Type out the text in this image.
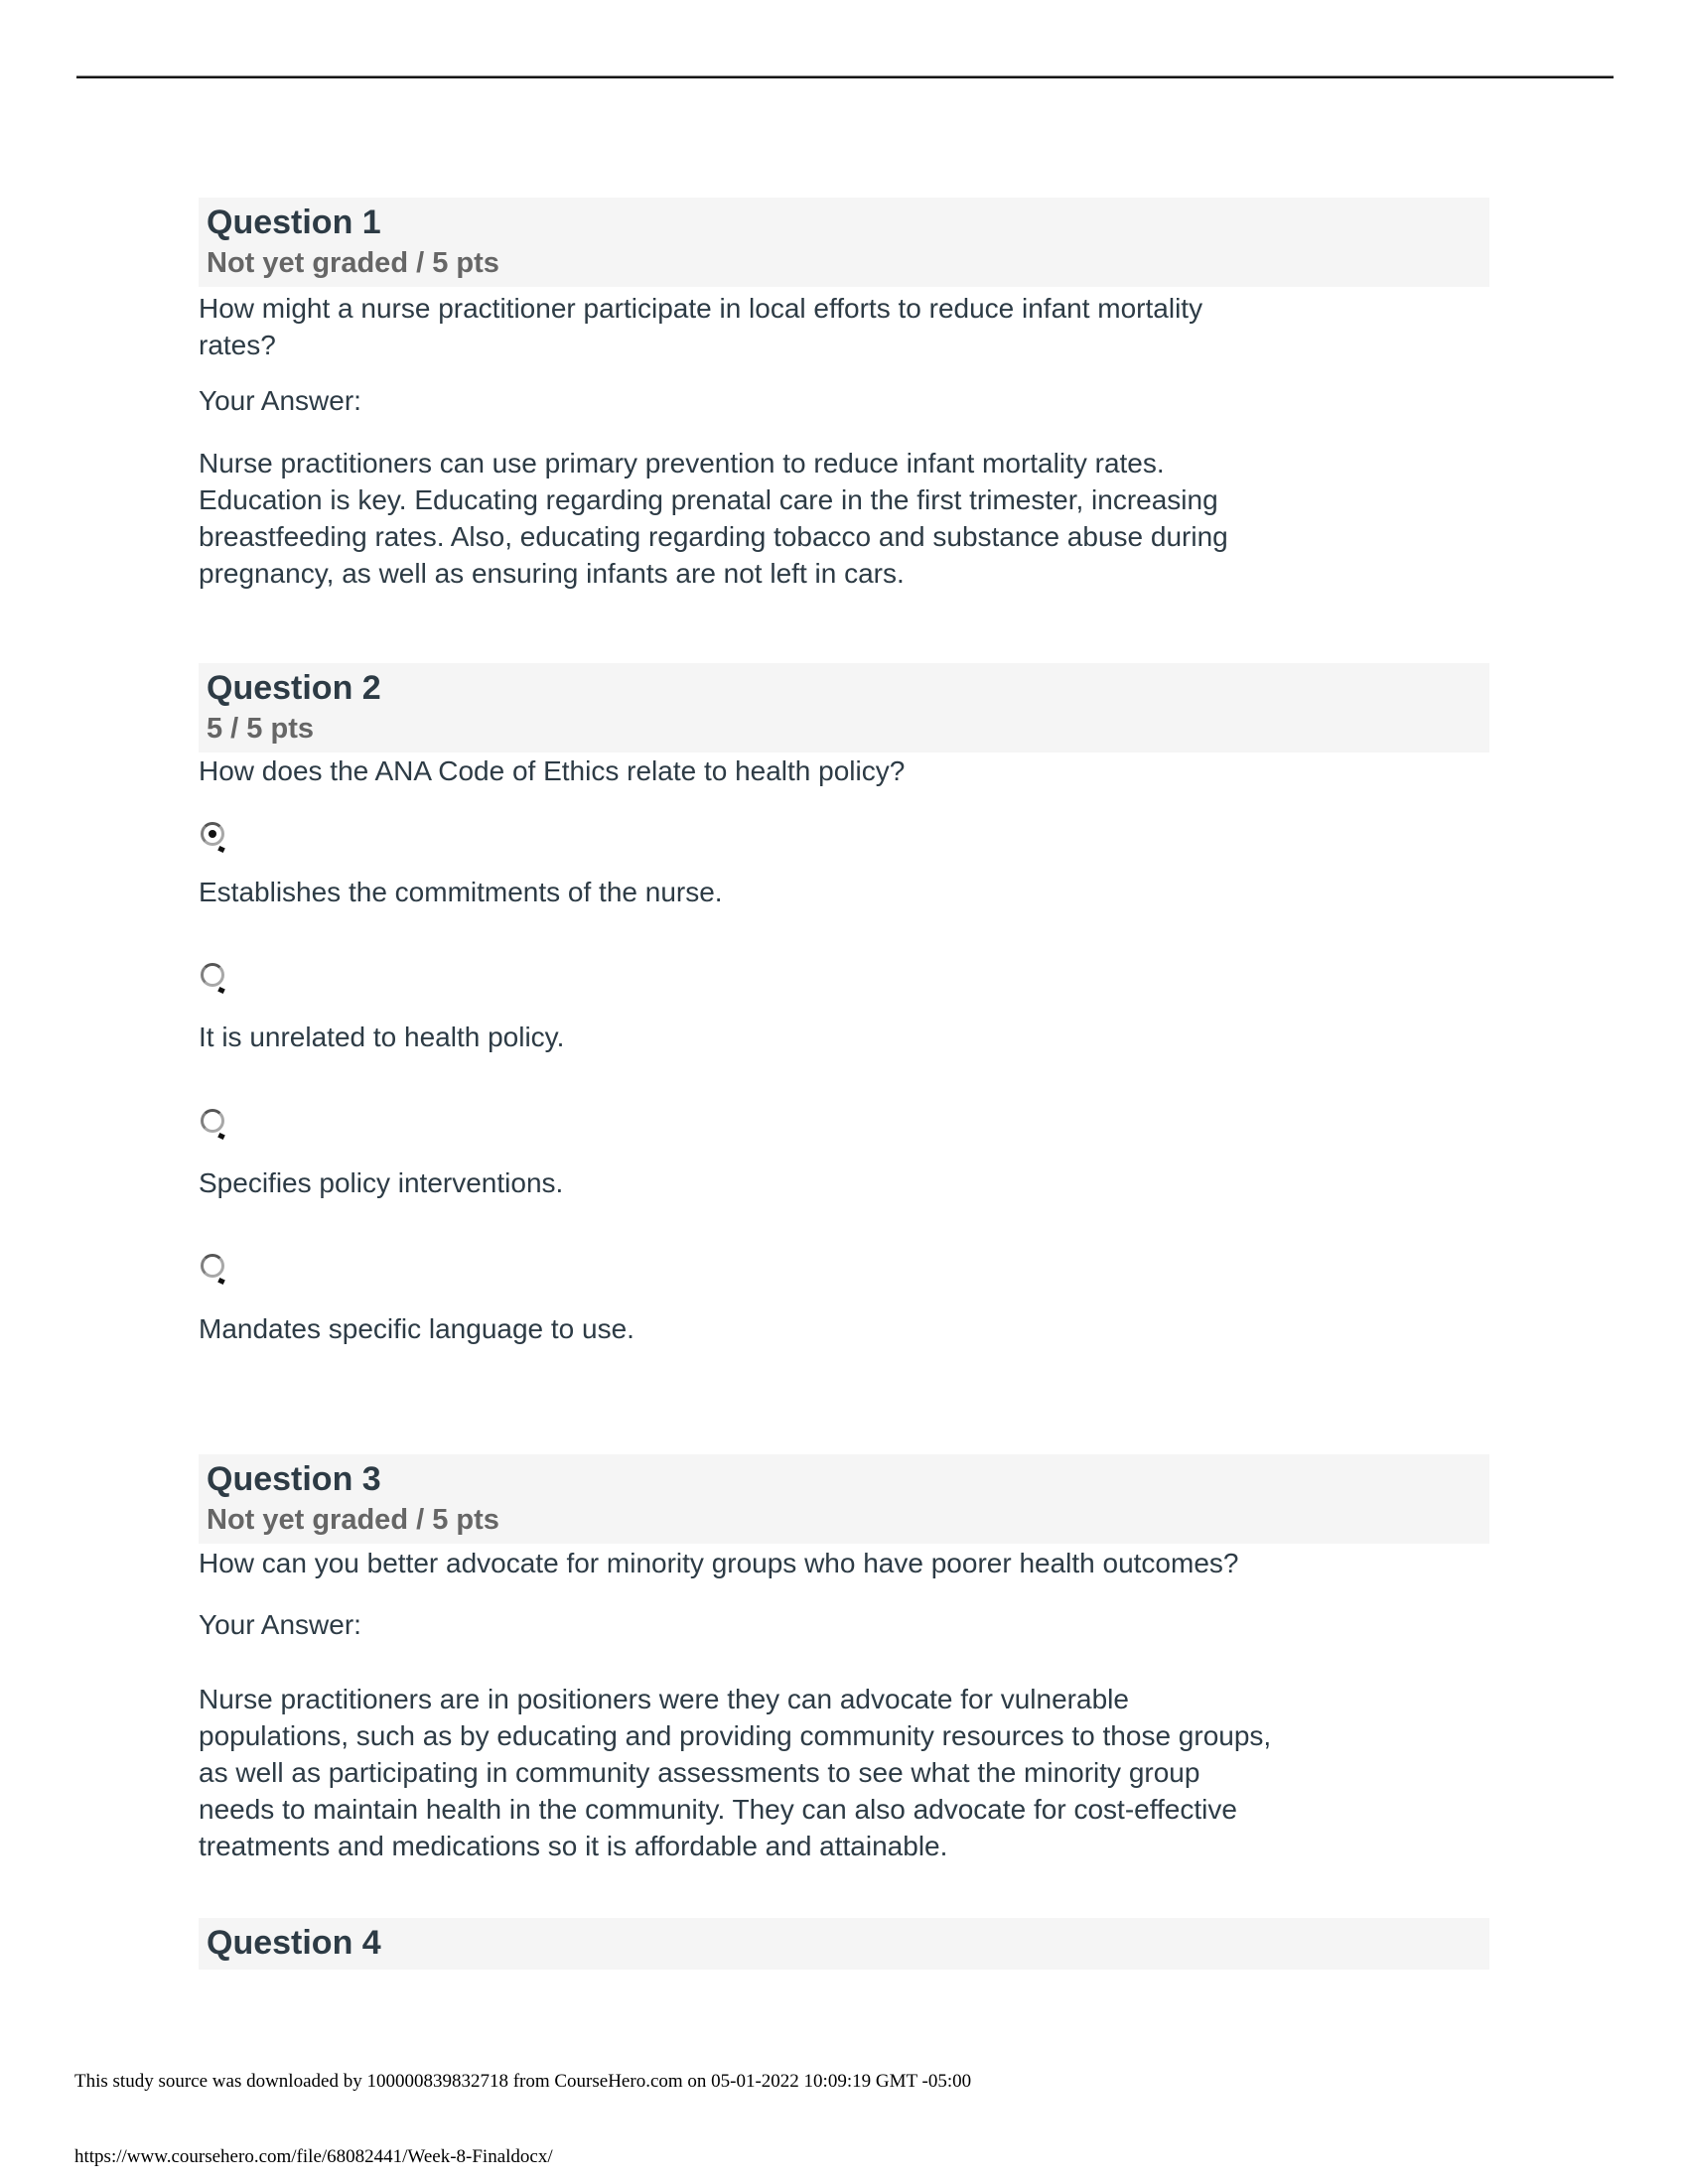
Question 1
Not yet graded / 5 pts
How might a nurse practitioner participate in local efforts to reduce infant mortality
rates?
Your Answer:
Nurse practitioners can use primary prevention to reduce infant mortality rates.
Education is key. Educating regarding prenatal care in the first trimester, increasing
breastfeeding rates. Also, educating regarding tobacco and substance abuse during
pregnancy, as well as ensuring infants are not left in cars.
Question 2
5 / 5 pts
How does the ANA Code of Ethics relate to health policy?
Establishes the commitments of the nurse.
It is unrelated to health policy.
Specifies policy interventions.
Mandates specific language to use.
Question 3
Not yet graded / 5 pts
How can you better advocate for minority groups who have poorer health outcomes?
Your Answer:
Nurse practitioners are in positioners were they can advocate for vulnerable
populations, such as by educating and providing community resources to those groups,
as well as participating in community assessments to see what the minority group
needs to maintain health in the community. They can also advocate for cost-effective
treatments and medications so it is affordable and attainable.
Question 4
This study source was downloaded by 100000839832718 from CourseHero.com on 05-01-2022 10:09:19 GMT -05:00
https://www.coursehero.com/file/68082441/Week-8-Finaldocx/
